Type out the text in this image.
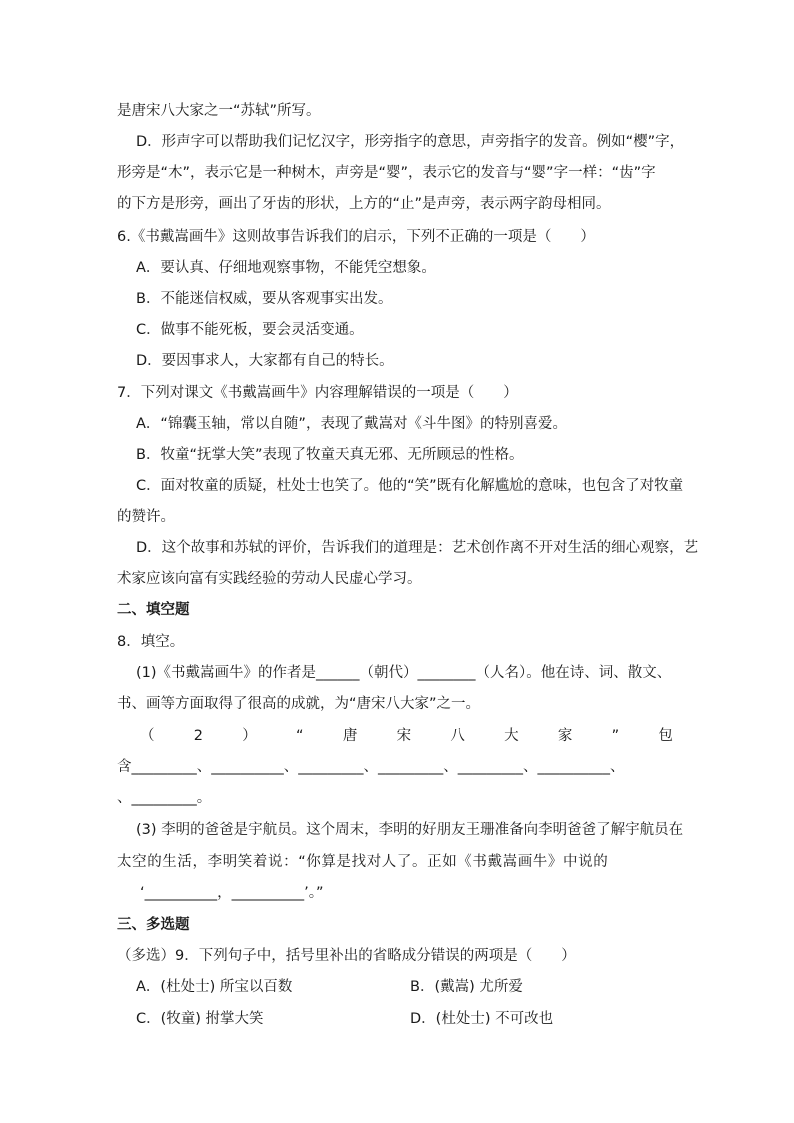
是唐宋八大家之一“苏轼”所写。
D．形声字可以帮助我们记忆汉字，形旁指字的意思，声旁指字的发音。例如“樱”字，
形旁是“木”，表示它是一种树木，声旁是“婴”，表示它的发音与“婴”字一样：“齿”字
的下方是形旁，画出了牙齿的形状，上方的“止”是声旁，表示两字韵母相同。
6.《书戴嵩画牛》这则故事告诉我们的启示，下列不正确的一项是（　　）
A．要认真、仔细地观察事物，不能凭空想象。
B．不能迷信权威，要从客观事实出发。
C．做事不能死板，要会灵活变通。
D．要因事求人，大家都有自己的特长。
7．下列对课文《书戴嵩画牛》内容理解错误的一项是（　　）
A．“锦囊玉轴，常以自随”，表现了戴嵩对《斗牛图》的特别喜爱。
B．牧童“抚掌大笑”表现了牧童天真无邪、无所顾忌的性格。
C．面对牧童的质疑，杜处士也笑了。他的“笑”既有化解尴尬的意味，也包含了对牧童
的赞许。
D．这个故事和苏轼的评价，告诉我们的道理是：艺术创作离不开对生活的细心观察，艺
术家应该向富有实践经验的劳动人民虚心学习。
二、填空题
8．填空。
(1)《书戴嵩画牛》的作者是______（朝代）________（人名）。他在诗、词、散文、
书、画等方面取得了很高的成就，为“唐宋八大家”之一。
（	2	）	“	唐	宋	八	大	家	”	包
含_________、__________、_________、_________、_________、__________、
、_________。
(3) 李明的爸爸是宇航员。这个周末，李明的好朋友王珊准备向李明爸爸了解宇航员在
太空的生活，李明笑着说：“你算是找对人了。正如《书戴嵩画牛》中说的
‘__________，__________’。”
三、多选题
（多选）9．下列句子中，括号里补出的省略成分错误的两项是（　　）
A．(杜处士) 所宝以百数	B．(戴嵩) 尤所爱
C．(牧童) 拊掌大笑	D．(杜处士) 不可改也
